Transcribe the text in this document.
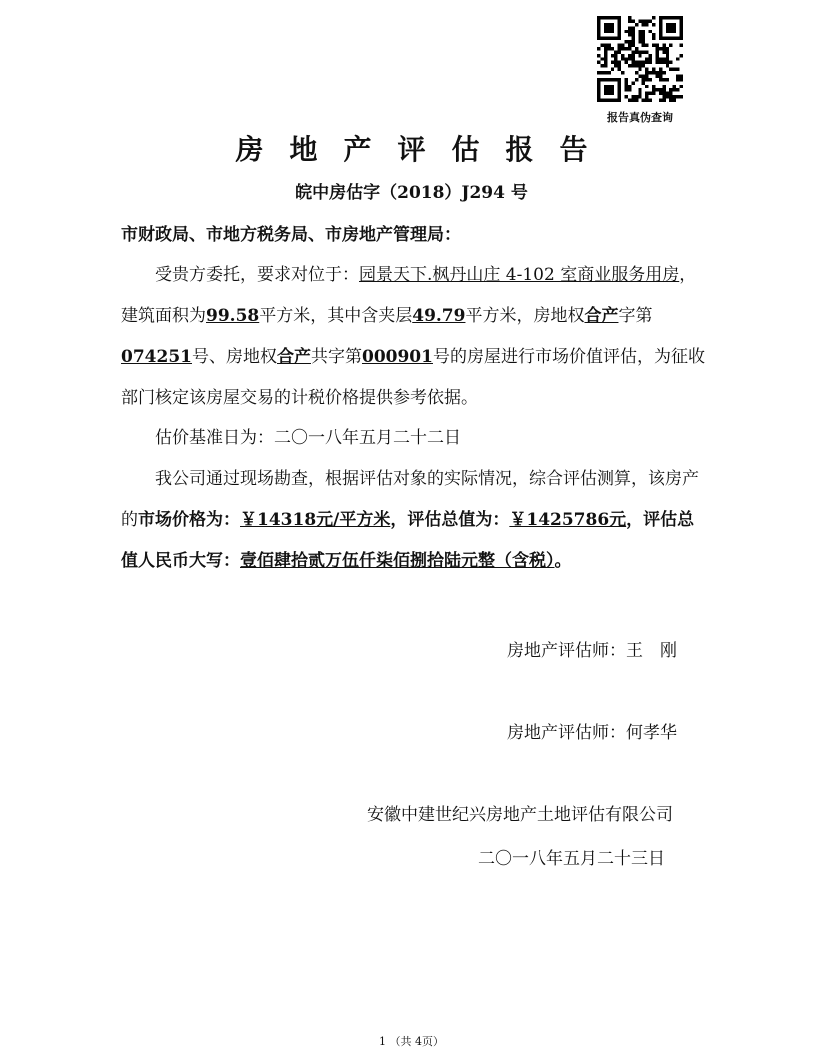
报告真伪查询
房地产评估报告
皖中房估字（2018）J294 号
市财政局、市地方税务局、市房地产管理局：
受贵方委托，要求对位于：园景天下.枫丹山庄 4-102 室商业服务用房，建筑面积为99.58平方米，其中含夹层49.79平方米，房地权合产字第074251号、房地权合产共字第000901号的房屋进行市场价值评估，为征收部门核定该房屋交易的计税价格提供参考依据。
估价基准日为：二〇一八年五月二十二日
我公司通过现场勘查，根据评估对象的实际情况，综合评估测算，该房产的市场价格为：￥14318元/平方米，评估总值为：￥1425786元，评估总值人民币大写：壹佰肆拾贰万伍仟柒佰捌拾陆元整（含税）。
房地产评估师：王　刚
房地产评估师：何孝华
安徽中建世纪兴房地产土地评估有限公司
二〇一八年五月二十三日
1 （共 4页）
